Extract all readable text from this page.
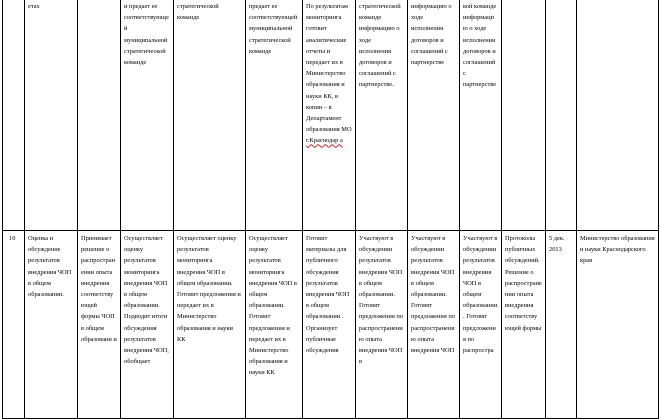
	етах		и предает ее соответствующей муниципальной стратегической команде	стратегической команде	предает ее соответствующей муниципальной стратегической команде	По результатам мониторинга готовит аналитические отчеты и передает их в Министерство образования и науки КК, в копии – в Департамент образования МО г.Краснодар а	стратегической команде информацию о ходе исполнения договоров и соглашений с партнерстве.	информацию о ходе исполнения договоров и соглашений с партнерстве	кой команде информацию о ходе исполнения договоров и соглашений с партнерстве			
10	Оценка и обсуждение результатов внедрения ЧОП в общем образовании.	Принимает решение о распространении опыта внедрения соответствующей формы ЧОП в общем образовани и	Осуществляет оценку результатов мониторинга внедрения ЧОП в общем образовании. Подводит итоги обсуждения результатов внедрения ЧОП, обобщает	Осуществляет оценку результатов мониторинга внедрения ЧОП в общем образовании. Готовит предложения и передает их в Министерство образования и науки КК	Осуществляет оценку результатов мониторинга внедрения ЧОП в общем образовании. Готовит предложения и передает их в Министерство образования и науки КК	Готовит материалы для публичного обсуждения результатов внедрения ЧОП в общем образовании . Организует публичные обсуждения	Участвуют в обсуждении результатов внедрения ЧОП в общем образовании. Готовят предложения по распространению опыта внедрения ЧОП в	Участвуют в обсуждении результатов внедрения ЧОП в общем образовании. Готовят предложения по распространению опыта внедрения ЧОП	Участвуют в обсуждении результатов внедрения ЧОП в общем образовании. Готовят предложения по распростра	Протоколы публичных обсуждений. Решение о распространении опыта внедрения соответствующей формы	5 дек. 2013	Министерство образования и науки Краснодарского края
